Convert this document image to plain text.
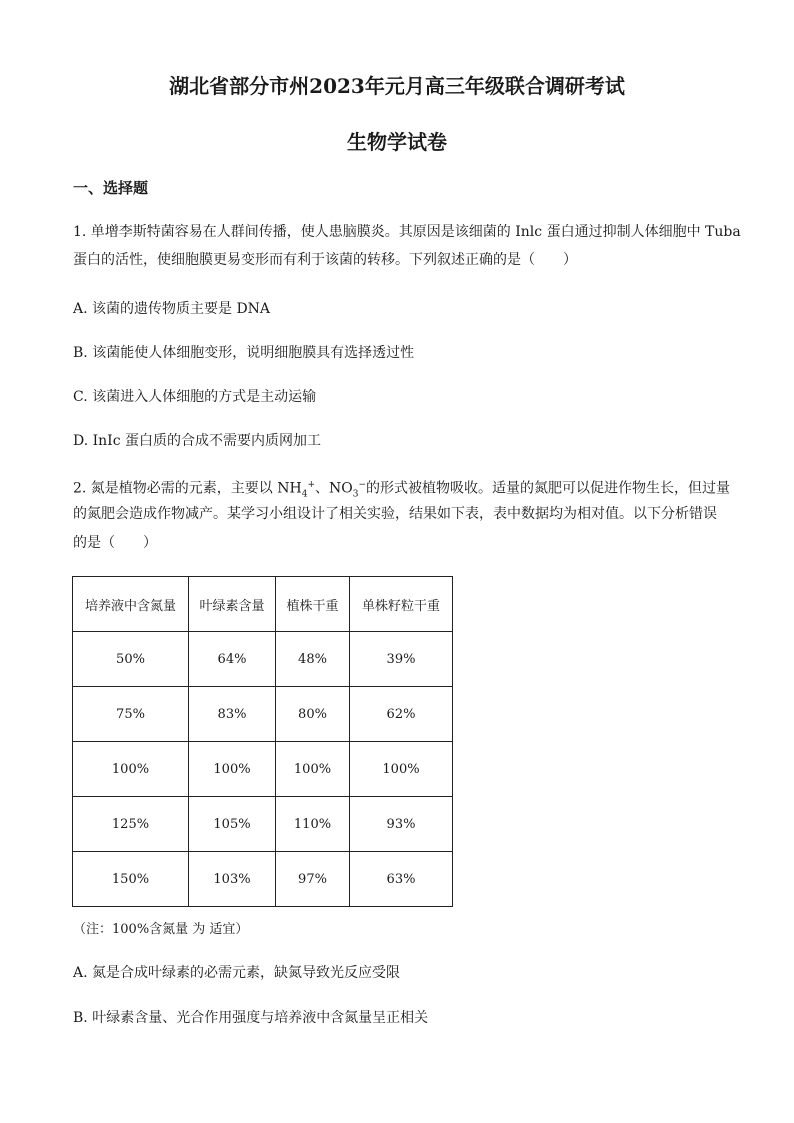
湖北省部分市州2023年元月高三年级联合调研考试
生物学试卷
一、选择题
1. 单增李斯特菌容易在人群间传播，使人患脑膜炎。其原因是该细菌的 Inlc 蛋白通过抑制人体细胞中 Tuba
蛋白的活性，使细胞膜更易变形而有利于该菌的转移。下列叙述正确的是（　　）
A. 该菌的遗传物质主要是 DNA
B. 该菌能使人体细胞变形，说明细胞膜具有选择透过性
C. 该菌进入人体细胞的方式是主动运输
D. InIc 蛋白质的合成不需要内质网加工
2. 氮是植物必需的元素，主要以 $NH_4^+$、$NO_3^-$的形式被植物吸收。适量的氮肥可以促进作物生长，但过量
的氮肥会造成作物减产。某学习小组设计了相关实验，结果如下表，表中数据均为相对值。以下分析错误
的是（　　）
培养液中含氮量	叶绿素含量	植株干重	单株籽粒干重
50%	64%	48%	39%
75%	83%	80%	62%
100%	100%	100%	100%
125%	105%	110%	93%
150%	103%	97%	63%
（注：100%含氮量 为 适宜）
A. 氮是合成叶绿素的必需元素，缺氮导致光反应受限
B. 叶绿素含量、光合作用强度与培养液中含氮量呈正相关
